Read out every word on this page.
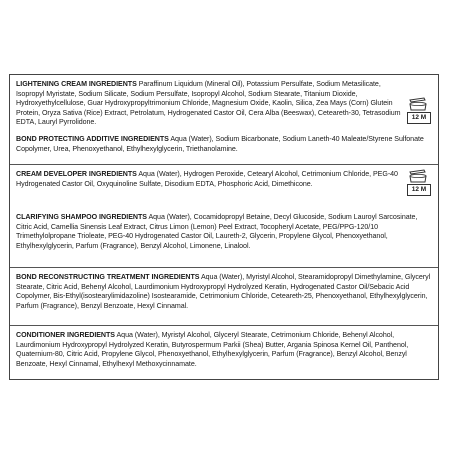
LIGHTENING CREAM INGREDIENTS Paraffinum Liquidum (Mineral Oil), Potassium Persulfate, Sodium Metasilicate, Isopropyl Myristate, Sodium Silicate, Sodium Persulfate, Isopropyl Alcohol, Sodium Stearate, Titanium Dioxide, Hydroxyethylcellulose, Guar Hydroxypropyltrimonium Chloride, Magnesium Oxide, Kaolin, Silica, Zea Mays (Corn) Glutein Protein, Oryza Sativa (Rice) Extract, Petrolatum, Hydrogenated Castor Oil, Cera Alba (Beeswax), Ceteareth-30, Tetrasodium EDTA, Lauryl Pyrrolidone.
12 M
BOND PROTECTING ADDITIVE INGREDIENTS Aqua (Water), Sodium Bicarbonate, Sodium Laneth-40 Maleate/Styrene Sulfonate Copolymer, Urea, Phenoxyethanol, Ethylhexylglycerin, Triethanolamine.
CREAM DEVELOPER INGREDIENTS Aqua (Water), Hydrogen Peroxide, Cetearyl Alcohol, Cetrimonium Chloride, PEG-40 Hydrogenated Castor Oil, Oxyquinoline Sulfate, Disodium EDTA, Phosphoric Acid, Dimethicone.
12 M
CLARIFYING SHAMPOO INGREDIENTS Aqua (Water), Cocamidopropyl Betaine, Decyl Glucoside, Sodium Lauroyl Sarcosinate, Citric Acid, Camellia Sinensis Leaf Extract, Citrus Limon (Lemon) Peel Extract, Tocopheryl Acetate, PEG/PPG-120/10 Trimethylolpropane Trioleate, PEG-40 Hydrogenated Castor Oil, Laureth-2, Glycerin, Propylene Glycol, Phenoxyethanol, Ethylhexylglycerin, Parfum (Fragrance), Benzyl Alcohol, Limonene, Linalool.
BOND RECONSTRUCTING TREATMENT INGREDIENTS Aqua (Water), Myristyl Alcohol, Stearamidopropyl Dimethylamine, Glyceryl Stearate, Citric Acid, Behenyl Alcohol, Laurdimonium Hydroxypropyl Hydrolyzed Keratin, Hydrogenated Castor Oil/Sebacic Acid Copolymer, Bis-Ethyl(isostearylimidazoline) Isostearamide, Cetrimonium Chloride, Ceteareth-25, Phenoxyethanol, Ethylhexylglycerin, Parfum (Fragrance), Benzyl Benzoate, Hexyl Cinnamal.
CONDITIONER INGREDIENTS Aqua (Water), Myristyl Alcohol, Glyceryl Stearate, Cetrimonium Chloride, Behenyl Alcohol, Laurdimonium Hydroxypropyl Hydrolyzed Keratin, Butyrospermum Parkii (Shea) Butter, Argania Spinosa Kernel Oil, Panthenol, Quaternium-80, Citric Acid, Propylene Glycol, Phenoxyethanol, Ethylhexylglycerin, Parfum (Fragrance), Benzyl Alcohol, Benzyl Benzoate, Hexyl Cinnamal, Ethylhexyl Methoxycinnamate.
